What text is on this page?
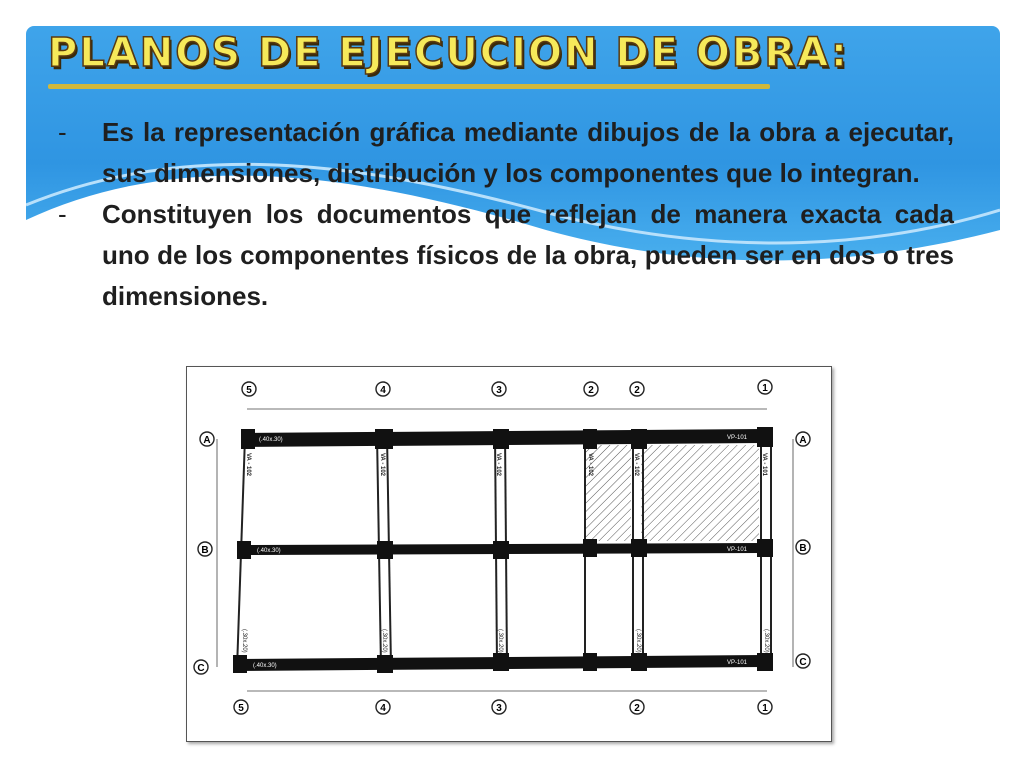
PLANOS DE EJECUCION DE OBRA:
- Es la representación gráfica mediante dibujos de la obra a ejecutar, sus dimensiones, distribución y los componentes que lo integran.
- Constituyen los documentos que reflejan de manera exacta cada uno de los componentes físicos de la obra, pueden ser en dos o tres dimensiones.
5	4	3	2	2	1
5	4	3	2	1
A
B
C
A
B
C
VA - 102	VA - 102	VA - 102	VA - 102	VA - 102	VA - 101
(.40x.30)	VP-101
(.40x.30)	VP-101
(.40x.30)	VP-101
(.30x.20)	(.30x.20)	(.30x.20)	(.30x.20)	(.30x.20)
